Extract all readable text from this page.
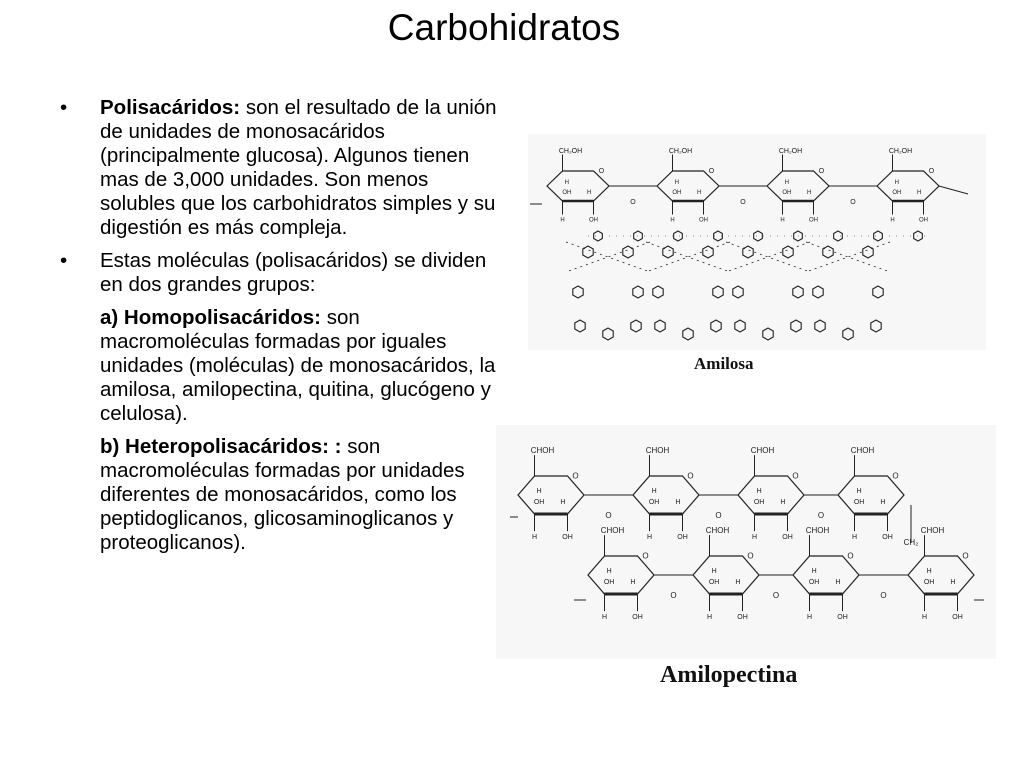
Carbohidratos
• Polisacáridos: son el resultado de la unión de unidades de monosacáridos (principalmente glucosa). Algunos tienen mas de 3,000 unidades. Son menos solubles que los carbohidratos simples y su digestión es más compleja.
• Estas moléculas (polisacáridos) se dividen en dos grandes grupos:
a) Homopolisacáridos: son macromoléculas formadas por iguales unidades (moléculas) de monosacáridos, la amilosa, amilopectina, quitina, glucógeno y celulosa).
b) Heteropolisacáridos: : son macromoléculas formadas por unidades diferentes de monosacáridos, como los peptidoglicanos, glicosaminoglicanos y proteoglicanos).
CH₂OH
O
H
OH	H
H	OH
O
CH₂OH
O
H
OH	H
H	OH
O
CH₂OH
O
H
OH	H
H	OH
O
CH₂OH
O
H
OH	H
H	OH
Amilosa
CHOH
O
H
OH H
H	OH
O
CHOH
O
H
OH H
H	OH
O
CHOH
O
H
OH H
H	OH
O
CHOH
O
H
OH H
H	OH
CH₂
CHOH
O
H
OH H
H	OH
O
CHOH
O
H
OH H
H	OH
O
CHOH
O
H
OH H
H	OH
O
CHOH
O
H
OH H
H	OH
Amilopectina
